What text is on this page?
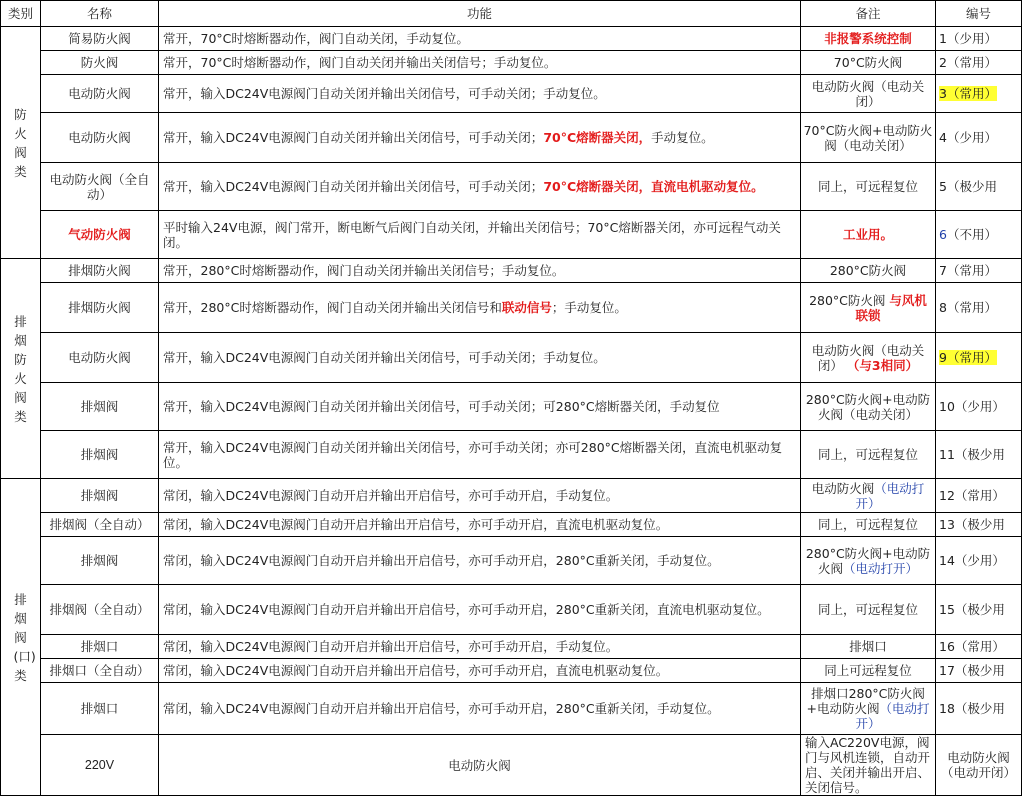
类别	名称	功能	备注	编号	
防火阀类	简易防火阀	常开，70°C时熔断器动作，阀门自动关闭，手动复位。	非报警系统控制	1（少用）	
	防火阀	常开，70°C时熔断器动作，阀门自动关闭并输出关闭信号；手动复位。	70°C防火阀	2（常用）	
	电动防火阀	常开，输入DC24V电源阀门自动关闭并输出关闭信号，可手动关闭；手动复位。	电动防火阀（电动关闭）	3（常用）	
	电动防火阀	常开，输入DC24V电源阀门自动关闭并输出关闭信号，可手动关闭；70°C熔断器关闭，手动复位。	70°C防火阀+电动防火阀（电动关闭）	4（少用）	
	电动防火阀（全自动）	常开，输入DC24V电源阀门自动关闭并输出关闭信号，可手动关闭；70°C熔断器关闭，直流电机驱动复位。	同上，可远程复位	5（极少用	
	气动防火阀	平时输入24V电源，阀门常开，断电断气后阀门自动关闭，并输出关闭信号；70°C熔断器关闭，亦可远程气动关闭。	工业用。	6（不用）	
排烟防火阀类	排烟防火阀	常开，280°C时熔断器动作，阀门自动关闭并输出关闭信号；手动复位。	280°C防火阀	7（常用）	
	排烟防火阀	常开，280°C时熔断器动作，阀门自动关闭并输出关闭信号和联动信号；手动复位。	280°C防火阀 与风机联锁	8（常用）	
	电动防火阀	常开，输入DC24V电源阀门自动关闭并输出关闭信号，可手动关闭；手动复位。	电动防火阀（电动关闭） （与3相同）	9（常用）	
	排烟阀	常开，输入DC24V电源阀门自动关闭并输出关闭信号，可手动关闭；可280°C熔断器关闭，手动复位	280°C防火阀+电动防火阀（电动关闭）	10（少用）	
	排烟阀	常开，输入DC24V电源阀门自动关闭并输出关闭信号，亦可手动关闭；亦可280°C熔断器关闭，直流电机驱动复位。	同上，可远程复位	11（极少用	
排烟阀(口)类	排烟阀	常闭，输入DC24V电源阀门自动开启并输出开启信号，亦可手动开启，手动复位。	电动防火阀（电动打开）	12（常用）	
	排烟阀（全自动）	常闭，输入DC24V电源阀门自动开启并输出开启信号，亦可手动开启，直流电机驱动复位。	同上，可远程复位	13（极少用	
	排烟阀	常闭，输入DC24V电源阀门自动开启并输出开启信号，亦可手动开启，280°C重新关闭，手动复位。	280°C防火阀+电动防火阀（电动打开）	14（少用）	
	排烟阀（全自动）	常闭，输入DC24V电源阀门自动开启并输出开启信号，亦可手动开启，280°C重新关闭，直流电机驱动复位。	同上，可远程复位	15（极少用	
	排烟口	常闭，输入DC24V电源阀门自动开启并输出开启信号，亦可手动开启，手动复位。	排烟口	16（常用）	
	排烟口（全自动）	常闭，输入DC24V电源阀门自动开启并输出开启信号，亦可手动开启，直流电机驱动复位。	同上可远程复位	17（极少用	
	排烟口	常闭，输入DC24V电源阀门自动开启并输出开启信号，亦可手动开启，280°C重新关闭，手动复位。	排烟口280°C防火阀+电动防火阀（电动打开）	18（极少用	
	220V	电动防火阀	输入AC220V电源，阀门与风机连锁，自动开启、关闭并输出开启、关闭信号。	电动防火阀（电动开闭）	
